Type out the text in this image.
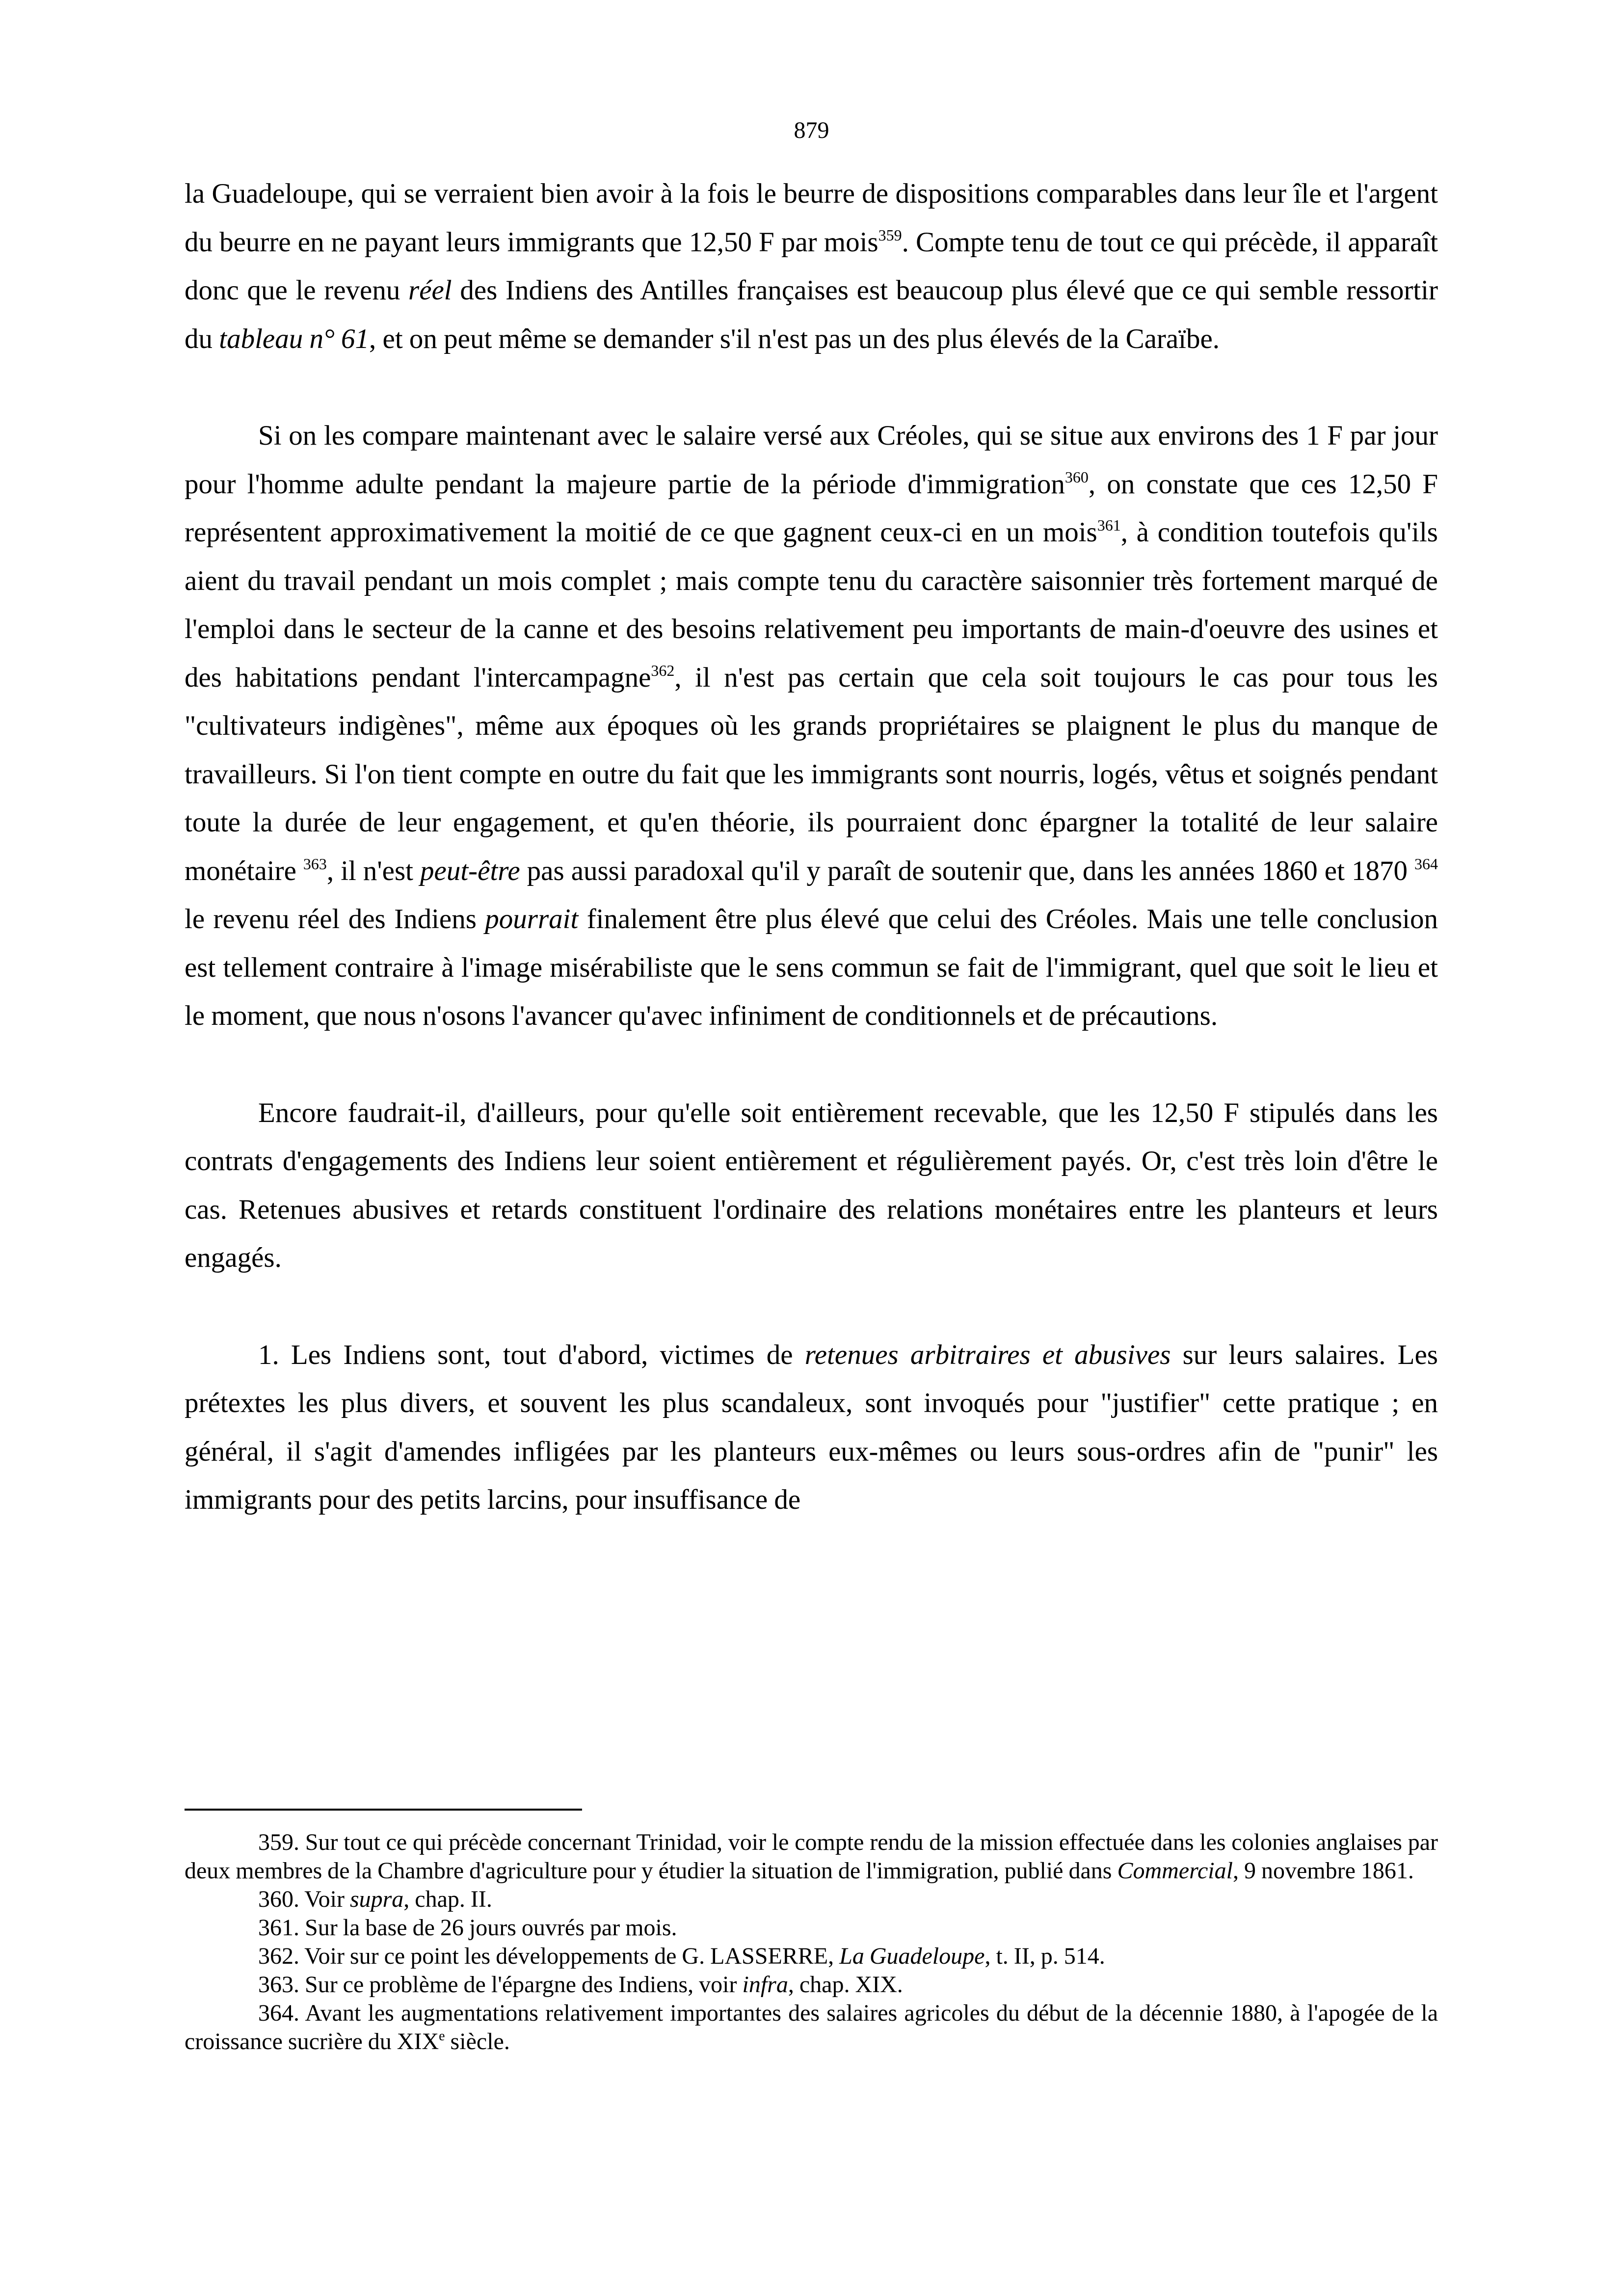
879

la Guadeloupe, qui se verraient bien avoir à la fois le beurre de dispositions comparables dans leur île et l'argent du beurre en ne payant leurs immigrants que 12,50 F par mois$^{359}$. Compte tenu de tout ce qui précède, il apparaît donc que le revenu réel des Indiens des Antilles françaises est beaucoup plus élevé que ce qui semble ressortir du tableau n° 61, et on peut même se demander s'il n'est pas un des plus élevés de la Caraïbe.

Si on les compare maintenant avec le salaire versé aux Créoles, qui se situe aux environs des 1 F par jour pour l'homme adulte pendant la majeure partie de la période d'immigration$^{360}$, on constate que ces 12,50 F représentent approximativement la moitié de ce que gagnent ceux-ci en un mois$^{361}$, à condition toutefois qu'ils aient du travail pendant un mois complet ; mais compte tenu du caractère saisonnier très fortement marqué de l'emploi dans le secteur de la canne et des besoins relativement peu importants de main-d'oeuvre des usines et des habitations pendant l'intercampagne$^{362}$, il n'est pas certain que cela soit toujours le cas pour tous les "cultivateurs indigènes", même aux époques où les grands propriétaires se plaignent le plus du manque de travailleurs. Si l'on tient compte en outre du fait que les immigrants sont nourris, logés, vêtus et soignés pendant toute la durée de leur engagement, et qu'en théorie, ils pourraient donc épargner la totalité de leur salaire monétaire $^{363}$, il n'est peut-être pas aussi paradoxal qu'il y paraît de soutenir que, dans les années 1860 et 1870 $^{364}$ le revenu réel des Indiens pourrait finalement être plus élevé que celui des Créoles. Mais une telle conclusion est tellement contraire à l'image misérabiliste que le sens commun se fait de l'immigrant, quel que soit le lieu et le moment, que nous n'osons l'avancer qu'avec infiniment de conditionnels et de précautions.

Encore faudrait-il, d'ailleurs, pour qu'elle soit entièrement recevable, que les 12,50 F stipulés dans les contrats d'engagements des Indiens leur soient entièrement et régulièrement payés. Or, c'est très loin d'être le cas. Retenues abusives et retards constituent l'ordinaire des relations monétaires entre les planteurs et leurs engagés.

1. Les Indiens sont, tout d'abord, victimes de retenues arbitraires et abusives sur leurs salaires. Les prétextes les plus divers, et souvent les plus scandaleux, sont invoqués pour "justifier" cette pratique ; en général, il s'agit d'amendes infligées par les planteurs eux-mêmes ou leurs sous-ordres afin de "punir" les immigrants pour des petits larcins, pour insuffisance de

359. Sur tout ce qui précède concernant Trinidad, voir le compte rendu de la mission effectuée dans les colonies anglaises par deux membres de la Chambre d'agriculture pour y étudier la situation de l'immigration, publié dans Commercial, 9 novembre 1861.

360. Voir supra, chap. II.

361. Sur la base de 26 jours ouvrés par mois.

362. Voir sur ce point les développements de G. LASSERRE, La Guadeloupe, t. II, p. 514.

363. Sur ce problème de l'épargne des Indiens, voir infra, chap. XIX.

364. Avant les augmentations relativement importantes des salaires agricoles du début de la décennie 1880, à l'apogée de la croissance sucrière du XIXe siècle.
